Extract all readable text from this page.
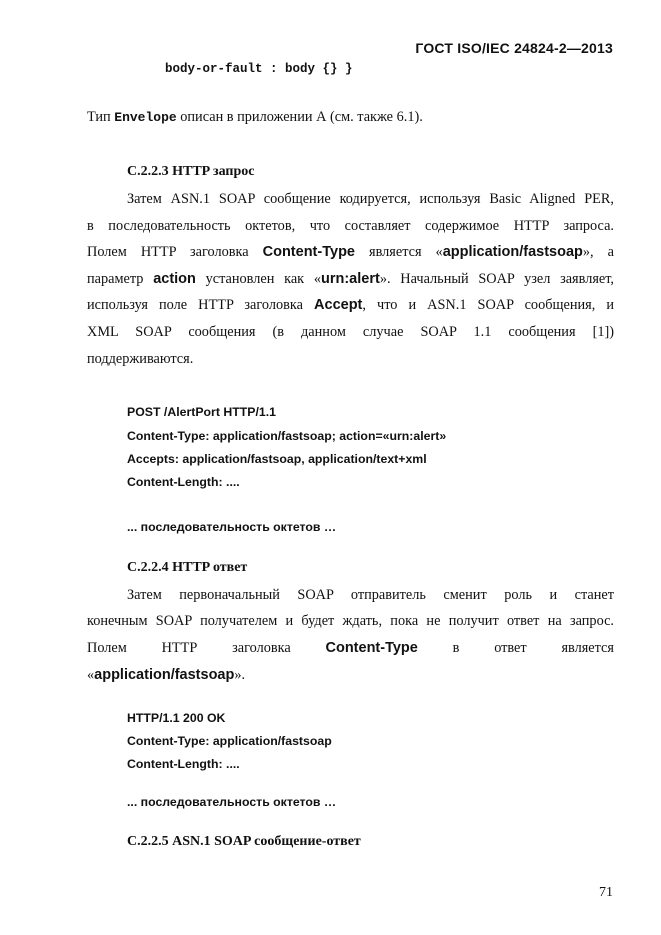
ГОСТ ISO/IEC 24824-2—2013
body-or-fault : body {} }
Тип Envelope описан в приложении А (см. также 6.1).
С.2.2.3 HTTP запрос
Затем ASN.1 SOAP сообщение кодируется, используя Basic Aligned PER,
в последовательность октетов, что составляет содержимое HTTP запроса.
Полем HTTP заголовка Content-Type является «application/fastsoap», а
параметр action установлен как «urn:alert». Начальный SOAP узел заявляет,
используя поле HTTP заголовка Accept, что и ASN.1 SOAP сообщения, и
XML SOAP сообщения (в данном случае SOAP 1.1 сообщения [1])
поддерживаются.
POST /AlertPort HTTP/1.1
Content-Type: application/fastsoap; action=«urn:alert»
Accepts: application/fastsoap, application/text+xml
Content-Length: ....
... последовательность октетов …
С.2.2.4 HTTP ответ
Затем первоначальный SOAP отправитель сменит роль и станет
конечным SOAP получателем и будет ждать, пока не получит ответ на запрос.
Полем HTTP заголовка Content-Type в ответ является
«application/fastsoap».
HTTP/1.1 200 OK
Content-Type: application/fastsoap
Content-Length: ....
... последовательность октетов …
С.2.2.5 ASN.1 SOAP сообщение-ответ
71
